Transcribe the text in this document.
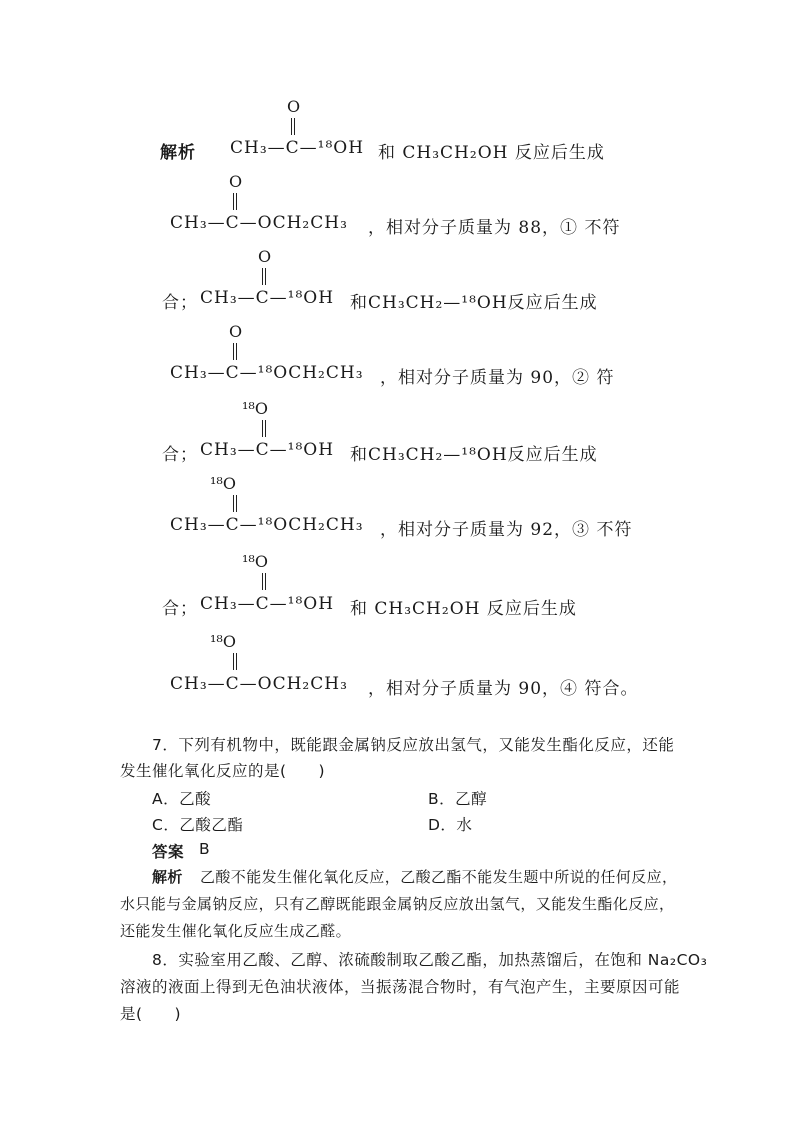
O
解析 CH₃—C—¹⁸OH 和 CH₃CH₂OH 反应后生成
O
CH₃—C—OCH₂CH₃ ，相对分子质量为 88，① 不符
O
合； CH₃—C—¹⁸OH 和CH₃CH₂—¹⁸OH反应后生成
O
CH₃—C—¹⁸OCH₂CH₃ ，相对分子质量为 90，② 符
¹⁸O
合； CH₃—C—¹⁸OH 和CH₃CH₂—¹⁸OH反应后生成
¹⁸O
CH₃—C—¹⁸OCH₂CH₃ ，相对分子质量为 92，③ 不符
¹⁸O
合； CH₃—C—¹⁸OH 和 CH₃CH₂OH 反应后生成
¹⁸O
CH₃—C—OCH₂CH₃ ，相对分子质量为 90，④ 符合。
7．下列有机物中，既能跟金属钠反应放出氢气，又能发生酯化反应，还能
发生催化氧化反应的是(　　)
A．乙酸	B．乙醇
C．乙酸乙酯	D．水
答案 B
解析 乙酸不能发生催化氧化反应，乙酸乙酯不能发生题中所说的任何反应，
水只能与金属钠反应，只有乙醇既能跟金属钠反应放出氢气，又能发生酯化反应，
还能发生催化氧化反应生成乙醛。
8．实验室用乙酸、乙醇、浓硫酸制取乙酸乙酯，加热蒸馏后，在饱和 Na₂CO₃
溶液的液面上得到无色油状液体，当振荡混合物时，有气泡产生，主要原因可能
是(　　)
